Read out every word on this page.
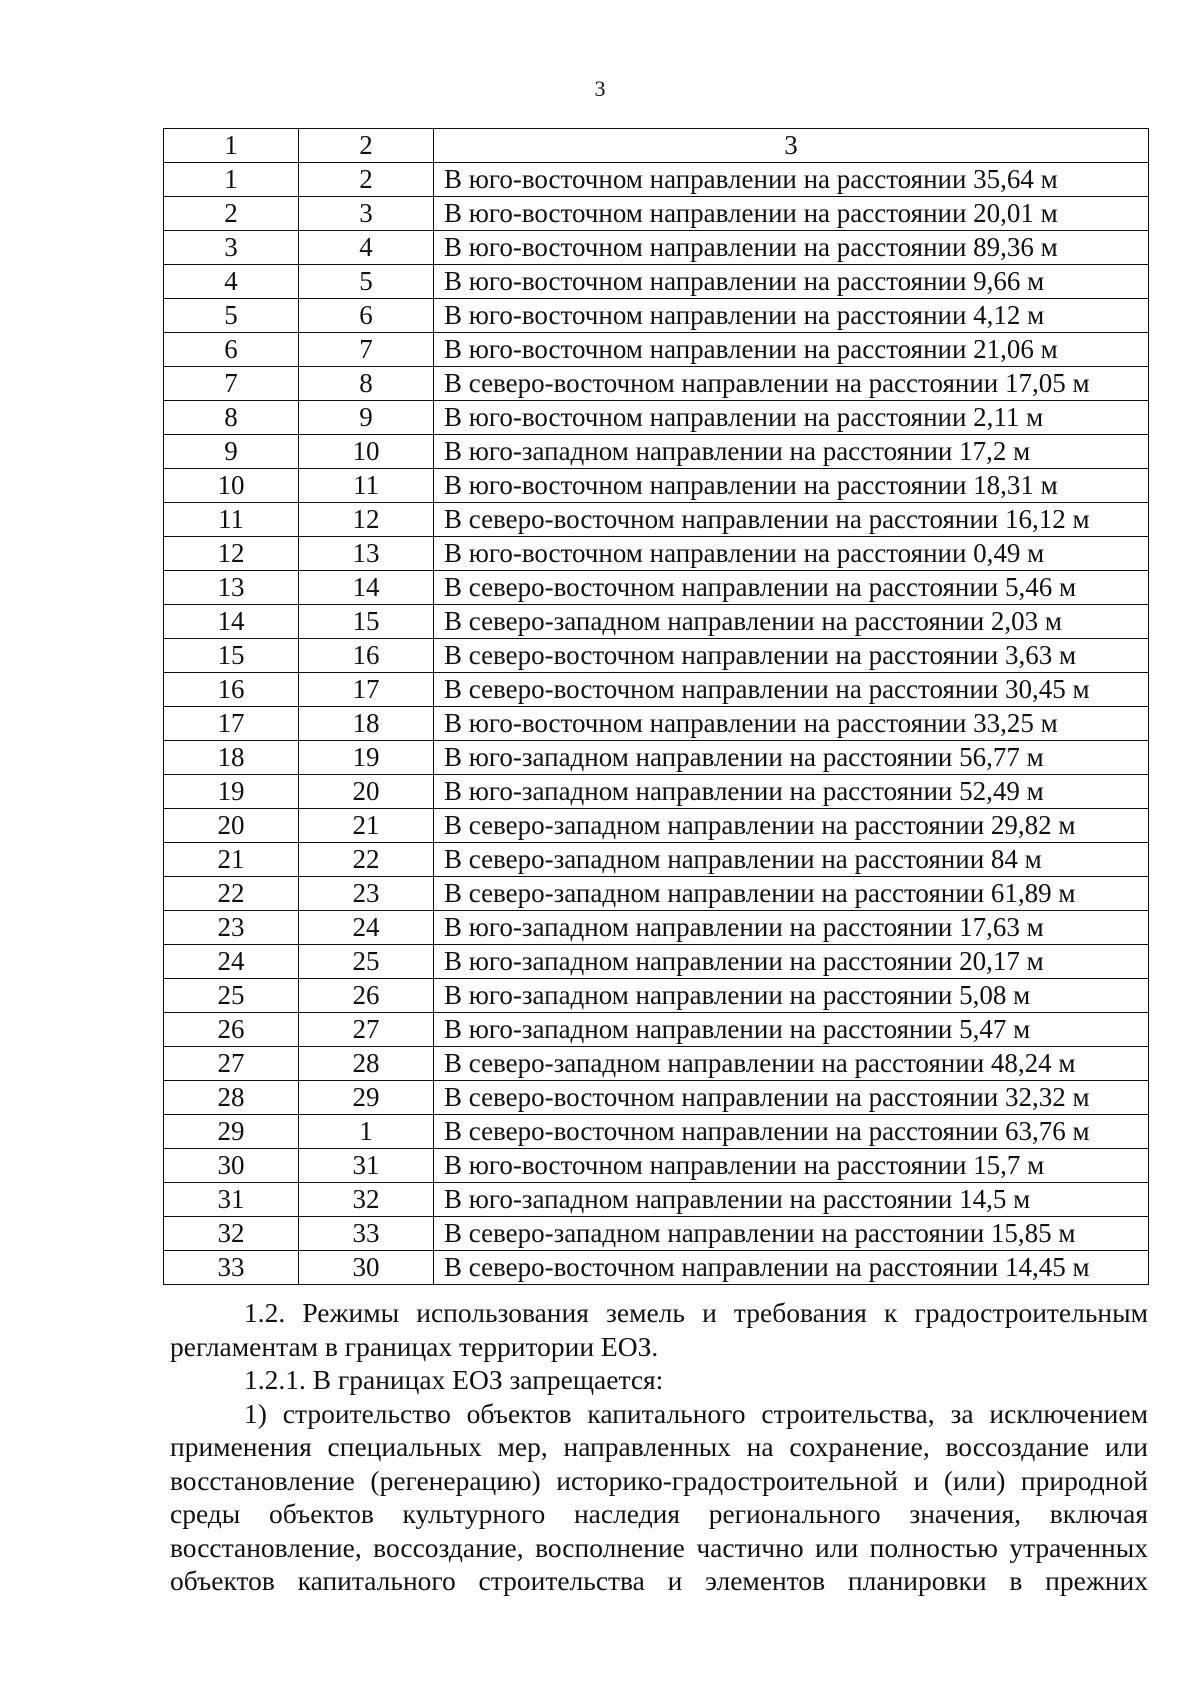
3
1	2	3
1	2	В юго-восточном направлении на расстоянии 35,64 м
2	3	В юго-восточном направлении на расстоянии 20,01 м
3	4	В юго-восточном направлении на расстоянии 89,36 м
4	5	В юго-восточном направлении на расстоянии 9,66 м
5	6	В юго-восточном направлении на расстоянии 4,12 м
6	7	В юго-восточном направлении на расстоянии 21,06 м
7	8	В северо-восточном направлении на расстоянии 17,05 м
8	9	В юго-восточном направлении на расстоянии 2,11 м
9	10	В юго-западном направлении на расстоянии 17,2 м
10	11	В юго-восточном направлении на расстоянии 18,31 м
11	12	В северо-восточном направлении на расстоянии 16,12 м
12	13	В юго-восточном направлении на расстоянии 0,49 м
13	14	В северо-восточном направлении на расстоянии 5,46 м
14	15	В северо-западном направлении на расстоянии 2,03 м
15	16	В северо-восточном направлении на расстоянии 3,63 м
16	17	В северо-восточном направлении на расстоянии 30,45 м
17	18	В юго-восточном направлении на расстоянии 33,25 м
18	19	В юго-западном направлении на расстоянии 56,77 м
19	20	В юго-западном направлении на расстоянии 52,49 м
20	21	В северо-западном направлении на расстоянии 29,82 м
21	22	В северо-западном направлении на расстоянии 84 м
22	23	В северо-западном направлении на расстоянии 61,89 м
23	24	В юго-западном направлении на расстоянии 17,63 м
24	25	В юго-западном направлении на расстоянии 20,17 м
25	26	В юго-западном направлении на расстоянии 5,08 м
26	27	В юго-западном направлении на расстоянии 5,47 м
27	28	В северо-западном направлении на расстоянии 48,24 м
28	29	В северо-восточном направлении на расстоянии 32,32 м
29	1	В северо-восточном направлении на расстоянии 63,76 м
30	31	В юго-восточном направлении на расстоянии 15,7 м
31	32	В юго-западном направлении на расстоянии 14,5 м
32	33	В северо-западном направлении на расстоянии 15,85 м
33	30	В северо-восточном направлении на расстоянии 14,45 м

1.2. Режимы использования земель и требования к градостроительным регламентам в границах территории ЕОЗ.

1.2.1. В границах ЕОЗ запрещается:

1) строительство объектов капитального строительства, за исключением применения специальных мер, направленных на сохранение, воссоздание или восстановление (регенерацию) историко-градостроительной и (или) природной среды объектов культурного наследия регионального значения, включая восстановление, воссоздание, восполнение частично или полностью утраченных объектов капитального строительства и элементов планировки в прежних
